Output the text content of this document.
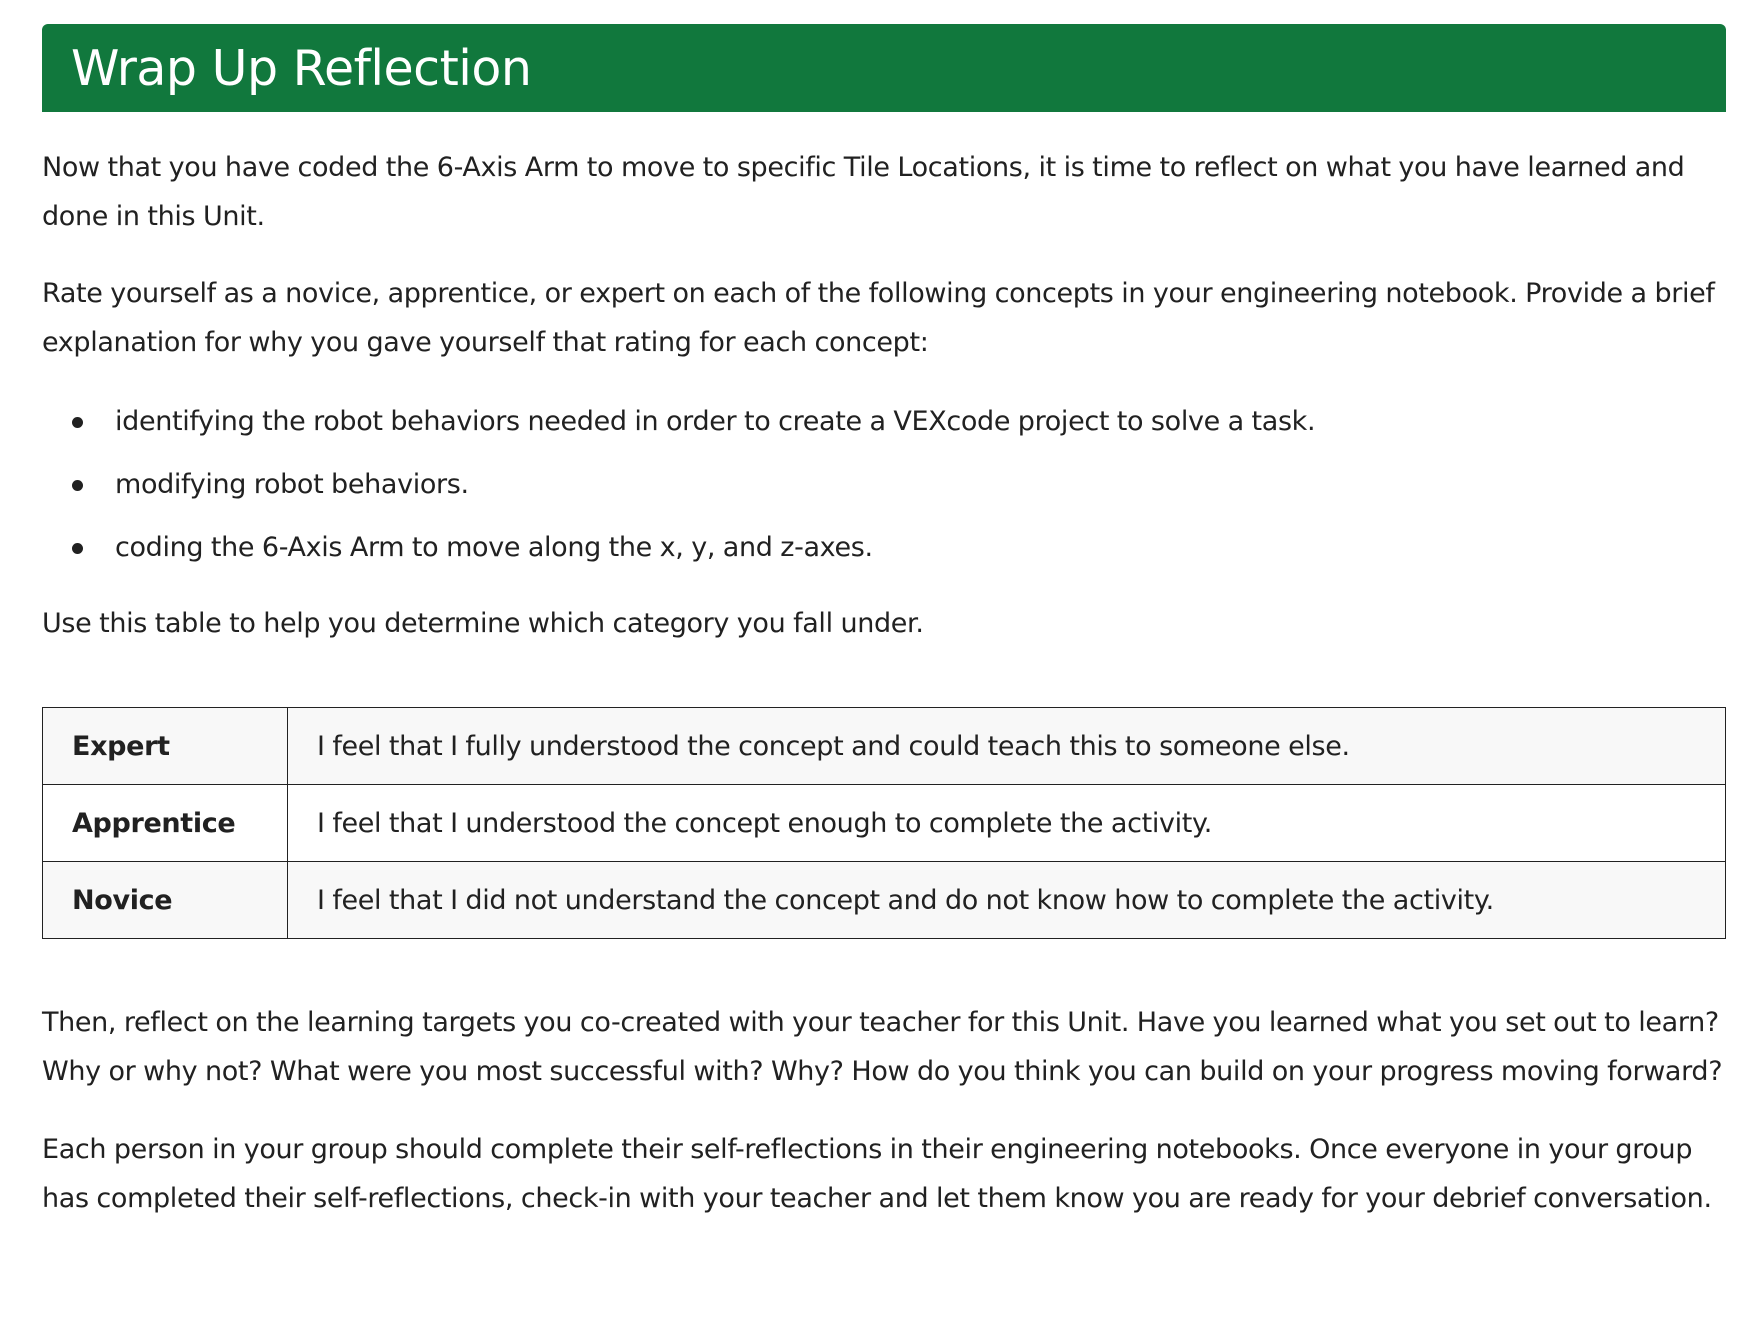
Wrap Up Reflection

Now that you have coded the 6-Axis Arm to move to specific Tile Locations, it is time to reflect on what you have learned and done in this Unit.

Rate yourself as a novice, apprentice, or expert on each of the following concepts in your engineering notebook. Provide a brief explanation for why you gave yourself that rating for each concept:

identifying the robot behaviors needed in order to create a VEXcode project to solve a task.
modifying robot behaviors.
coding the 6-Axis Arm to move along the x, y, and z-axes.

Use this table to help you determine which category you fall under.

Expert	I feel that I fully understood the concept and could teach this to someone else.
Apprentice	I feel that I understood the concept enough to complete the activity.
Novice	I feel that I did not understand the concept and do not know how to complete the activity.

Then, reflect on the learning targets you co-created with your teacher for this Unit. Have you learned what you set out to learn? Why or why not? What were you most successful with? Why? How do you think you can build on your progress moving forward?

Each person in your group should complete their self-reflections in their engineering notebooks. Once everyone in your group has completed their self-reflections, check-in with your teacher and let them know you are ready for your debrief conversation.
